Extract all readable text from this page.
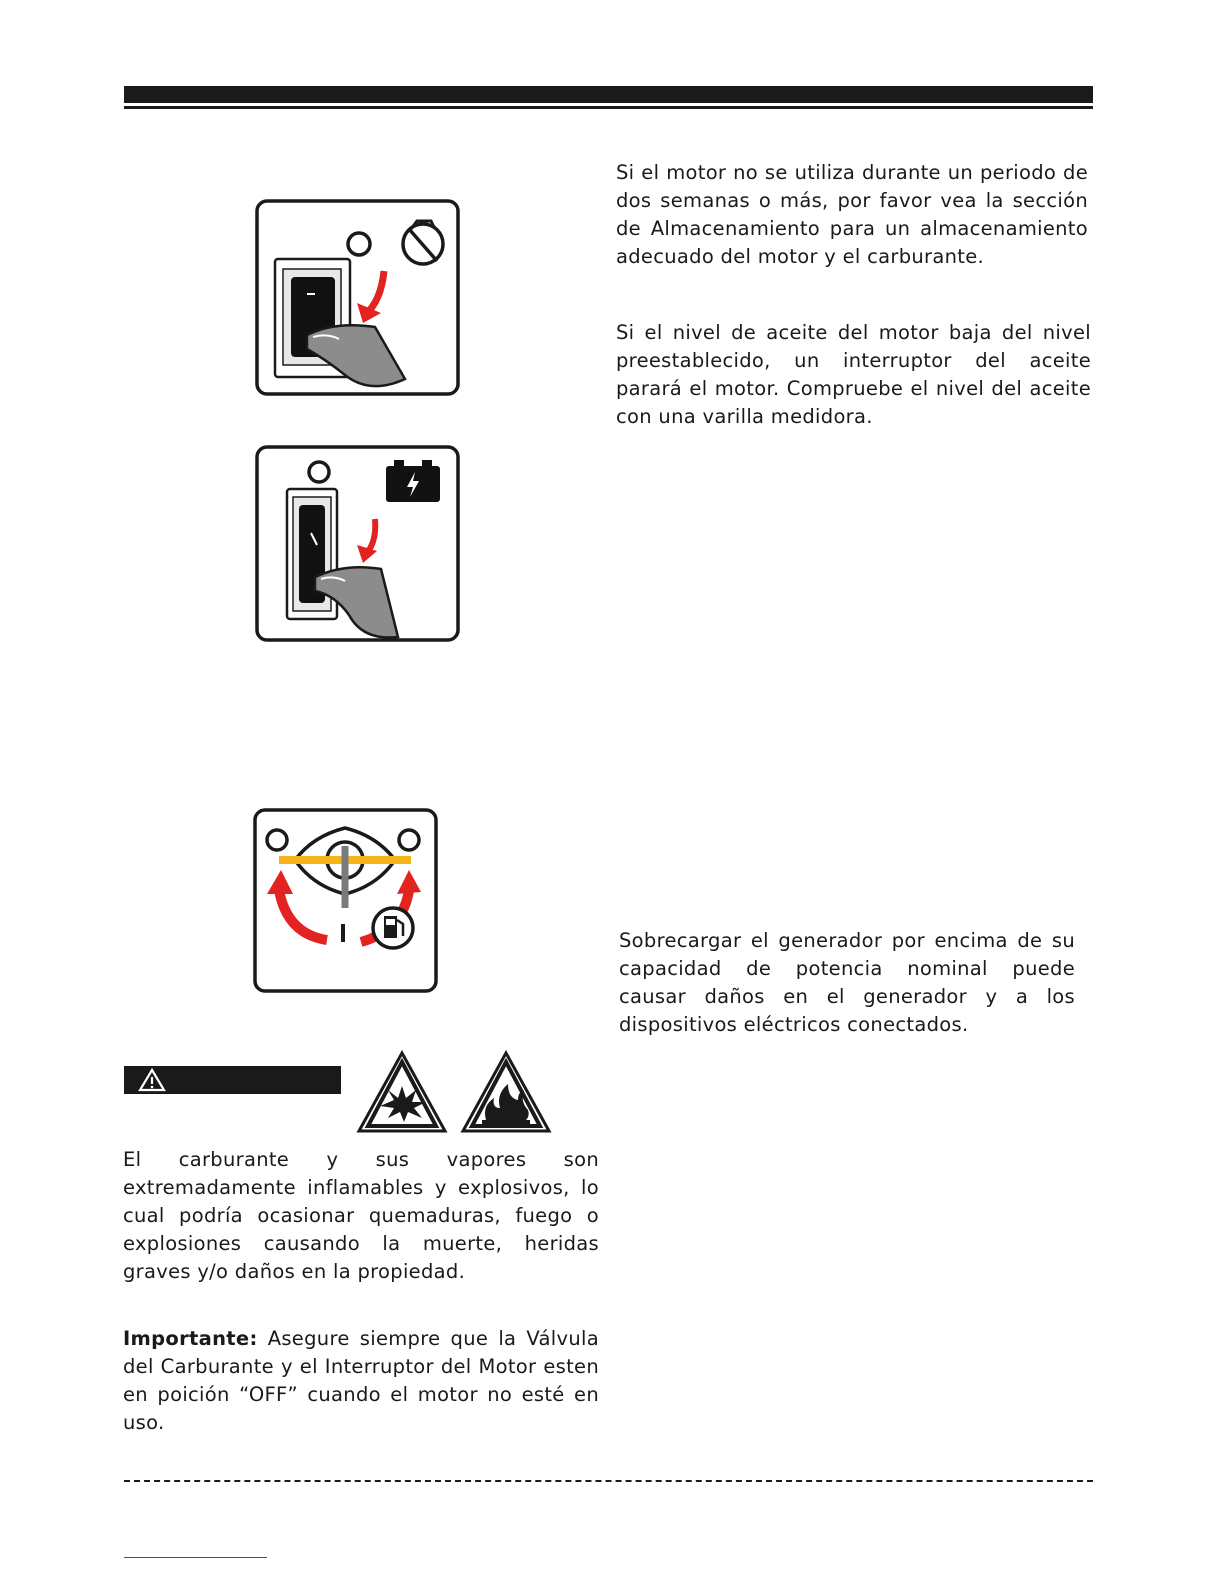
Si el motor no se utiliza durante un periodo de dos semanas o más, por favor vea la sección de Almacenamiento para un almacenamiento adecuado del motor y el carburante.
Si el nivel de aceite del motor baja del nivel preestablecido, un interruptor del aceite parará el motor. Compruebe el nivel del aceite con una varilla medidora.
Sobrecargar el generador por encima de su capacidad de potencia nominal puede causar daños en el generador y a los dispositivos eléctricos conectados.
El carburante y sus vapores son extremadamente inflamables y explosivos, lo cual podría ocasionar quemaduras, fuego o explosiones causando la muerte, heridas graves y/o daños en la propiedad.
Importante: Asegure siempre que la Válvula del Carburante y el Interruptor del Motor esten en poición “OFF” cuando el motor no esté en uso.
